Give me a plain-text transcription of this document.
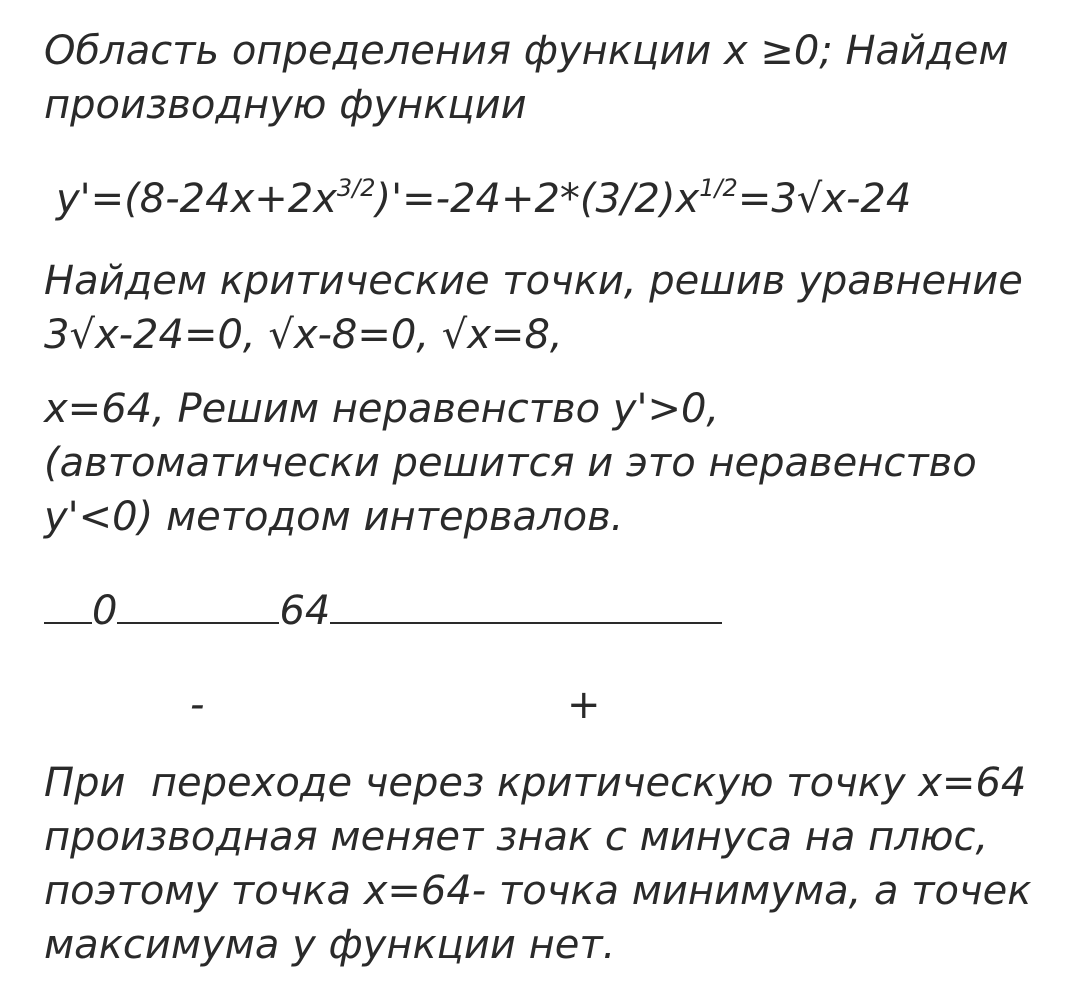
Область определения функции x ≥0; Найдем
производную функции
$y'=(8-24x+2x^{3/2})'=-24+2*(3/2)x^{1/2}=3√x-24$
Найдем критические точки, решив уравнение
3√x-24=0, √x-8=0, √x=8,
x=64, Решим неравенство y'>0,
(автоматически решится и это неравенство
y'<0) методом интервалов.
0	64
-	+
При  переходе через критическую точку x=64
производная меняет знак с минуса на плюс,
поэтому точка x=64- точка минимума, а точек
максимума у функции нет.
